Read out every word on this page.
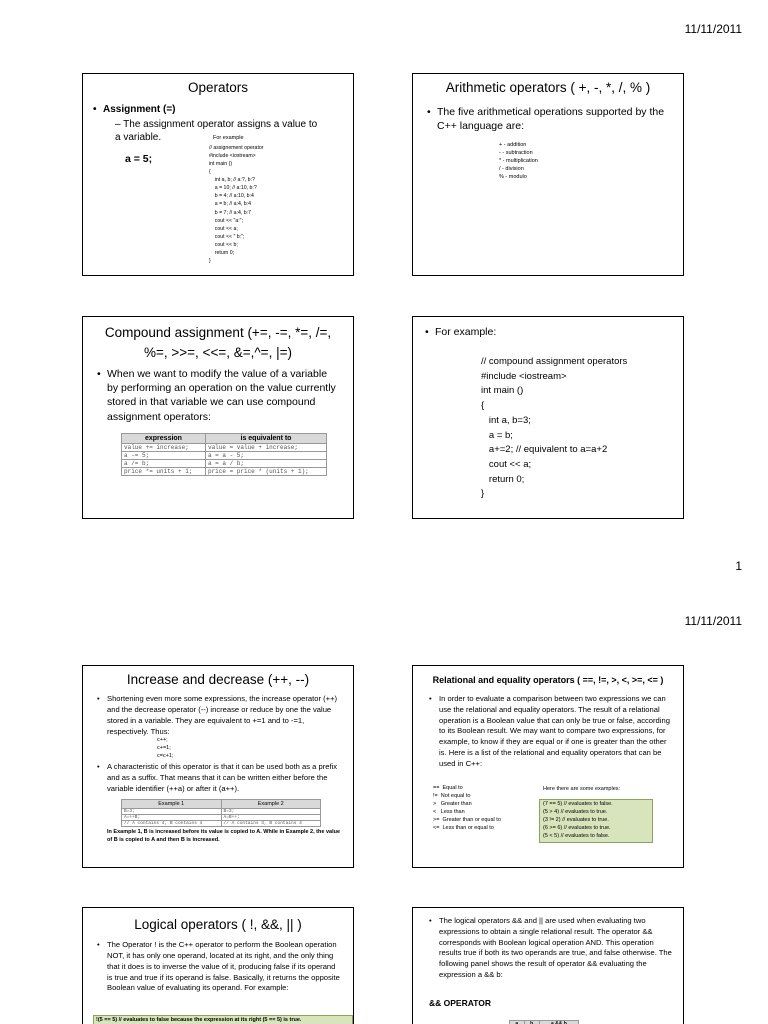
11/11/2011
Operators
• Assignment (=)
– The assignment operator assigns a value to a variable.
a = 5;
For example
// assignement operator
#include <iostream>
int main ()
{
int a, b; // a:?, b:?
a = 10; // a:10, b:?
b = 4; // a:10, b:4
a = b; // a:4, b:4
b = 7; // a:4, b:7
cout << "a:";
cout << a;
cout << " b:";
cout << b;
return 0;
}
Arithmetic operators ( +, -, *, /, % )
• The five arithmetical operations supported by the C++ language are:
+ - addition
- - subtraction
* - multiplication
/ - division
% - modulo
Compound assignment (+=, -=, *=, /=,
%=, >>=, <<=, &=,^=, |=)
• When we want to modify the value of a variable by performing an operation on the value currently stored in that variable we can use compound assignment operators:
expression	is equivalent to
value += increase;	value = value + increase;
a -= 5;	a = a - 5;
a /= b;	a = a / b;
price *= units + 1;	price = price * (units + 1);
• For example:
// compound assignment operators
#include <iostream>
int main ()
{
int a, b=3;
a = b;
a+=2; // equivalent to a=a+2
cout << a;
return 0;
}
1
11/11/2011
Increase and decrease (++, --)
• Shortening even more some expressions, the increase operator (++) and the decrease operator (--) increase or reduce by one the value stored in a variable. They are equivalent to +=1 and to -=1, respectively. Thus:
c++;
c+=1;
c=c+1;
• A characteristic of this operator is that it can be used both as a prefix and as a suffix. That means that it can be written either before the variable identifier (++a) or after it (a++).
Example 1	Example 2
B=3;	B=3;
A=++B;	A=B++;
// A contains 4, B contains 4	// A contains 3, B contains 4
In Example 1, B is increased before its value is copied to A. While in Example 2, the value of B is copied to A and then B is increased.
Relational and equality operators ( ==, !=, >, <, >=, <= )
• In order to evaluate a comparison between two expressions we can use the relational and equality operators. The result of a relational operation is a Boolean value that can only be true or false, according to its Boolean result. We may want to compare two expressions, for example, to know if they are equal or if one is greater than the other is. Here is a list of the relational and equality operators that can be used in C++:
==  Equal to
!=  Not equal to
>   Greater than
<   Less than
>=  Greater than or equal to
<=  Less than or equal to
Here there are some examples:
(7 == 5) // evaluates to false.
(5 > 4) // evaluates to true.
(3 != 2) // evaluates to true.
(6 >= 6) // evaluates to true.
(5 < 5) // evaluates to false.
Logical operators ( !, &&, || )
• The Operator ! is the C++ operator to perform the Boolean operation NOT, it has only one operand, located at its right, and the only thing that it does is to inverse the value of it, producing false if its operand is true and true if its operand is false. Basically, it returns the opposite Boolean value of evaluating its operand. For example:
!(5 == 5) // evaluates to false because the expression at its right (5 == 5) is true.
• The logical operators && and || are used when evaluating two expressions to obtain a single relational result. The operator && corresponds with Boolean logical operation AND. This operation results true if both its two operands are true, and false otherwise. The following panel shows the result of operator && evaluating the expression a && b:
&& OPERATOR
a	b	a && b
